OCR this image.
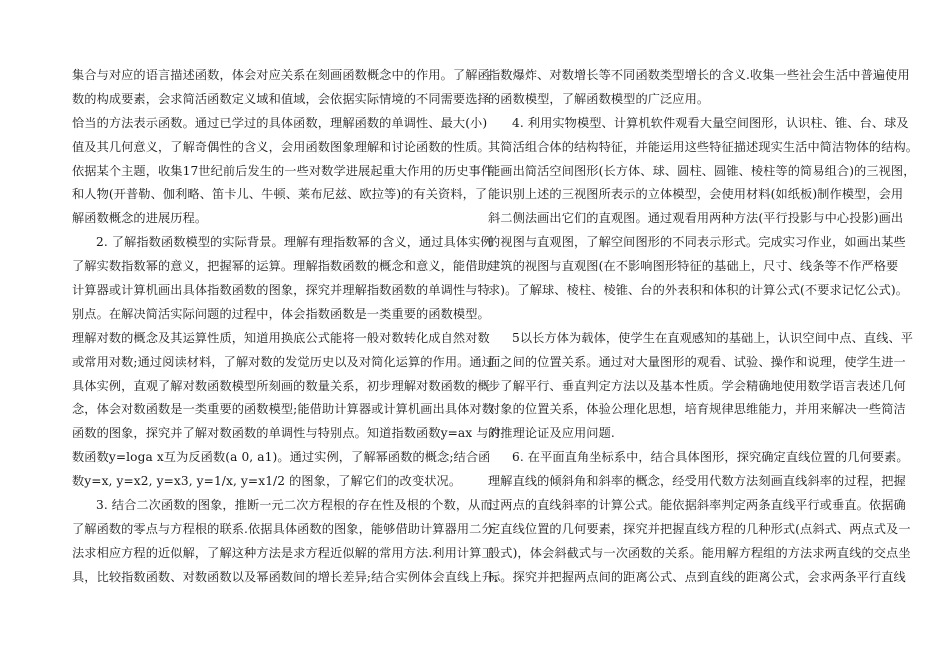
集合与对应的语言描述函数，体会对应关系在刻画函数概念中的作用。了解函
数的构成要素，会求简活函数定义域和值域，会依据实际情境的不同需要选择
恰当的方法表示函数。通过已学过的具体函数，理解函数的单调性、最大(小)
值及其几何意义，了解奇偶性的含义，会用函数图象理解和讨论函数的性质。
依据某个主题，收集17世纪前后发生的一些对数学进展起重大作用的历史事件
和人物(开普勒、伽利略、笛卡儿、牛顿、莱布尼兹、欧拉等)的有关资料，了
解函数概念的进展历程。
2. 了解指数函数模型的实际背景。理解有理指数幂的含义，通过具体实例
了解实数指数幂的意义，把握幂的运算。理解指数函数的概念和意义，能借助
计算器或计算机画出具体指数函数的图象，探究并理解指数函数的单调性与特
别点。在解决简活实际问题的过程中，体会指数函数是一类重要的函数模型。
理解对数的概念及其运算性质，知道用换底公式能将一般对数转化成自然对数
或常用对数;通过阅读材料，了解对数的发觉历史以及对简化运算的作用。通过
具体实例，直观了解对数函数模型所刻画的数量关系，初步理解对数函数的概
念，体会对数函数是一类重要的函数模型;能借助计算器或计算机画出具体对数
函数的图象，探究并了解对数函数的单调性与特别点。知道指数函数y=ax 与对
数函数y=loga x互为反函数(a 0, a1)。通过实例，了解幂函数的概念;结合函
数y=x, y=x2, y=x3, y=1/x, y=x1/2 的图象，了解它们的改变状况。
3. 结合二次函数的图象，推断一元二次方程根的存在性及根的个数，从而
了解函数的零点与方程根的联系.依据具体函数的图象，能够借助计算器用二分
法求相应方程的近似解，了解这种方法是求方程近似解的常用方法.利用计算工
具，比较指数函数、对数函数以及幂函数间的增长差异;结合实例体会直线上升、
指数爆炸、对数增长等不同函数类型增长的含义.收集一些社会生活中普遍使用
的函数模型，了解函数模型的广泛应用。
4. 利用实物模型、计算机软件观看大量空间图形，认识柱、锥、台、球及
其简活组合体的结构特征，并能运用这些特征描述现实生活中简洁物体的结构。
能画出简活空间图形(长方体、球、圆柱、圆锥、棱柱等的简易组合)的三视图，
能识别上述的三视图所表示的立体模型，会使用材料(如纸板)制作模型，会用
斜二侧法画出它们的直观图。通过观看用两种方法(平行投影与中心投影)画出
的视图与直观图，了解空间图形的不同表示形式。完成实习作业，如画出某些
建筑的视图与直观图(在不影响图形特征的基础上，尺寸、线条等不作严格要
求)。了解球、棱柱、棱锥、台的外表积和体积的计算公式(不要求记忆公式)。
5以长方体为载体，使学生在直观感知的基础上，认识空间中点、直线、平
面之间的位置关系。通过对大量图形的观看、试验、操作和说理，使学生进一
步了解平行、垂直判定方法以及基本性质。学会精确地使用数学语言表述几何
对象的位置关系，体验公理化思想，培育规律思维能力，并用来解决一些简洁
的推理论证及应用问题.
6. 在平面直角坐标系中，结合具体图形，探究确定直线位置的几何要素。
理解直线的倾斜角和斜率的概念，经受用代数方法刻画直线斜率的过程，把握
过两点的直线斜率的计算公式。能依据斜率判定两条直线平行或垂直。依据确
定直线位置的几何要素，探究并把握直线方程的几种形式(点斜式、两点式及一
般式)，体会斜截式与一次函数的关系。能用解方程组的方法求两直线的交点坐
标。探究并把握两点间的距离公式、点到直线的距离公式，会求两条平行直线
